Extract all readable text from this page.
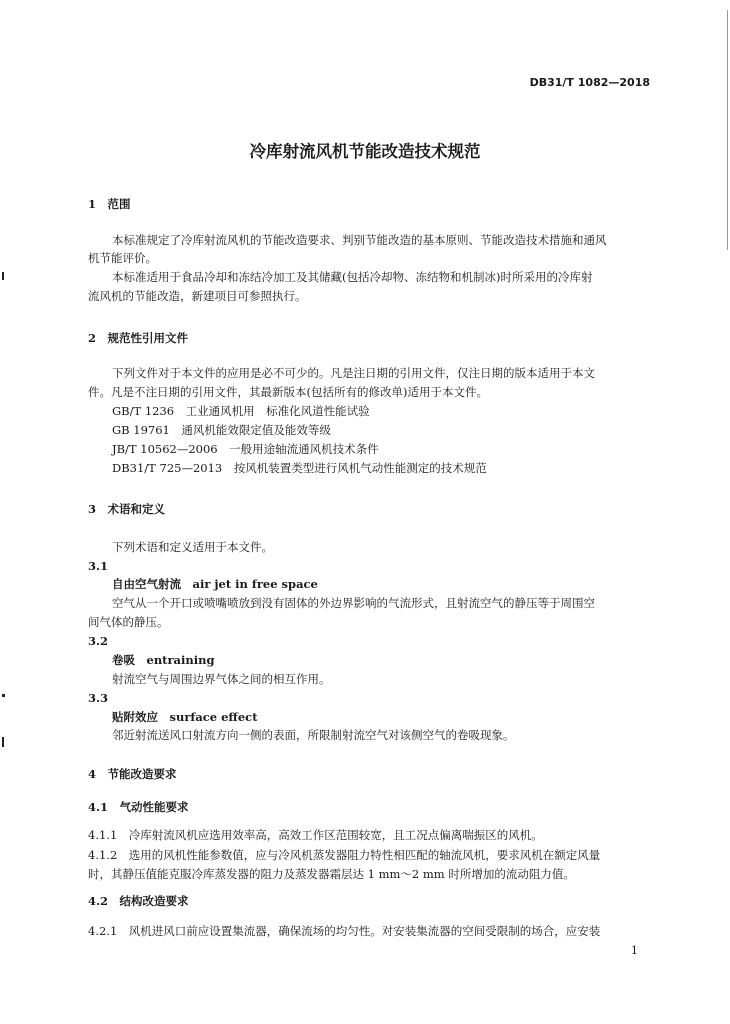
DB31/T 1082—2018
冷库射流风机节能改造技术规范
1　范围
本标准规定了冷库射流风机的节能改造要求、判别节能改造的基本原则、节能改造技术措施和通风
机节能评价。
本标准适用于食品冷却和冻结冷加工及其储藏(包括冷却物、冻结物和机制冰)时所采用的冷库射
流风机的节能改造，新建项目可参照执行。
2　规范性引用文件
下列文件对于本文件的应用是必不可少的。凡是注日期的引用文件，仅注日期的版本适用于本文
件。凡是不注日期的引用文件，其最新版本(包括所有的修改单)适用于本文件。
GB/T 1236　工业通风机用　标准化风道性能试验
GB 19761　通风机能效限定值及能效等级
JB/T 10562—2006　一般用途轴流通风机技术条件
DB31/T 725—2013　按风机装置类型进行风机气动性能测定的技术规范
3　术语和定义
下列术语和定义适用于本文件。
3.1
自由空气射流　air jet in free space
空气从一个开口或喷嘴喷放到没有固体的外边界影响的气流形式，且射流空气的静压等于周围空
间气体的静压。
3.2
卷吸　entraining
射流空气与周围边界气体之间的相互作用。
3.3
贴附效应　surface effect
邻近射流送风口射流方向一侧的表面，所限制射流空气对该侧空气的卷吸现象。
4　节能改造要求
4.1　气动性能要求
4.1.1　冷库射流风机应选用效率高，高效工作区范围较宽，且工况点偏离喘振区的风机。
4.1.2　选用的风机性能参数值，应与冷风机蒸发器阻力特性相匹配的轴流风机，要求风机在额定风量
时，其静压值能克服冷库蒸发器的阻力及蒸发器霜层达 1 mm～2 mm 时所增加的流动阻力值。
4.2　结构改造要求
4.2.1　风机进风口前应设置集流器，确保流场的均匀性。对安装集流器的空间受限制的场合，应安装
1
